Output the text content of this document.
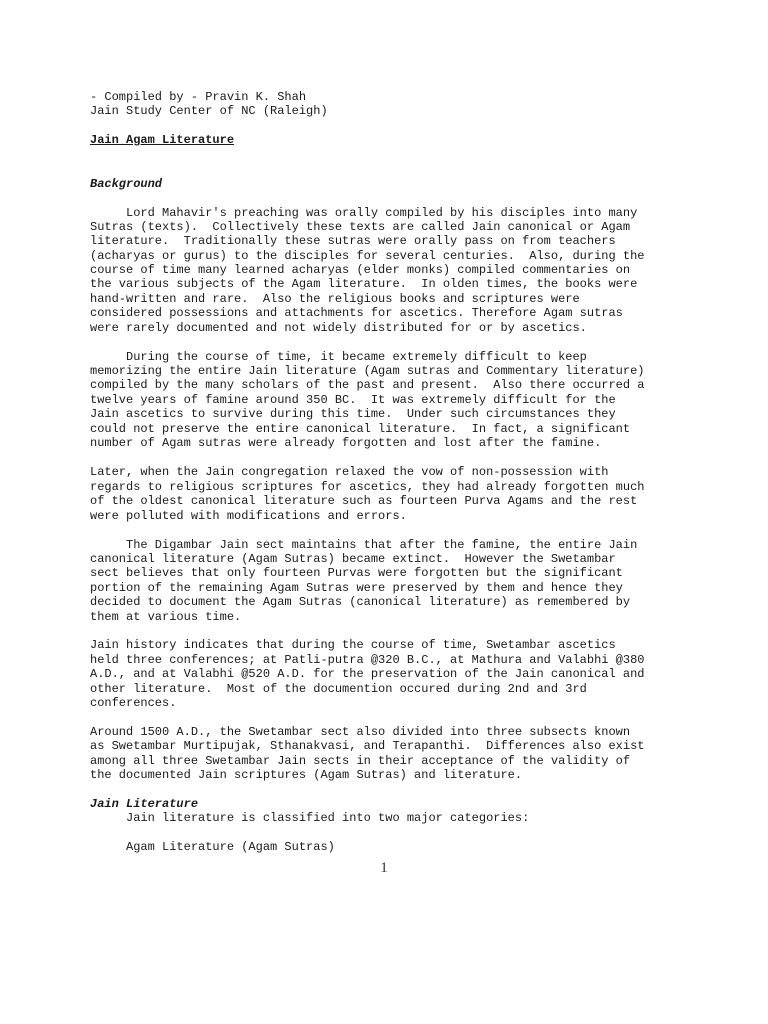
- Compiled by - Pravin K. Shah
Jain Study Center of NC (Raleigh)
Jain Agam Literature
Background
Lord Mahavir's preaching was orally compiled by his disciples into many
Sutras (texts).  Collectively these texts are called Jain canonical or Agam
literature.  Traditionally these sutras were orally pass on from teachers
(acharyas or gurus) to the disciples for several centuries.  Also, during the
course of time many learned acharyas (elder monks) compiled commentaries on
the various subjects of the Agam literature.  In olden times, the books were
hand-written and rare.  Also the religious books and scriptures were
considered possessions and attachments for ascetics. Therefore Agam sutras
were rarely documented and not widely distributed for or by ascetics.
During the course of time, it became extremely difficult to keep
memorizing the entire Jain literature (Agam sutras and Commentary literature)
compiled by the many scholars of the past and present.  Also there occurred a
twelve years of famine around 350 BC.  It was extremely difficult for the
Jain ascetics to survive during this time.  Under such circumstances they
could not preserve the entire canonical literature.  In fact, a significant
number of Agam sutras were already forgotten and lost after the famine.
Later, when the Jain congregation relaxed the vow of non-possession with
regards to religious scriptures for ascetics, they had already forgotten much
of the oldest canonical literature such as fourteen Purva Agams and the rest
were polluted with modifications and errors.
The Digambar Jain sect maintains that after the famine, the entire Jain
canonical literature (Agam Sutras) became extinct.  However the Swetambar
sect believes that only fourteen Purvas were forgotten but the significant
portion of the remaining Agam Sutras were preserved by them and hence they
decided to document the Agam Sutras (canonical literature) as remembered by
them at various time.
Jain history indicates that during the course of time, Swetambar ascetics
held three conferences; at Patli-putra @320 B.C., at Mathura and Valabhi @380
A.D., and at Valabhi @520 A.D. for the preservation of the Jain canonical and
other literature.  Most of the documention occured during 2nd and 3rd
conferences.
Around 1500 A.D., the Swetambar sect also divided into three subsects known
as Swetambar Murtipujak, Sthanakvasi, and Terapanthi.  Differences also exist
among all three Swetambar Jain sects in their acceptance of the validity of
the documented Jain scriptures (Agam Sutras) and literature.
Jain Literature
Jain literature is classified into two major categories:
Agam Literature (Agam Sutras)
1
